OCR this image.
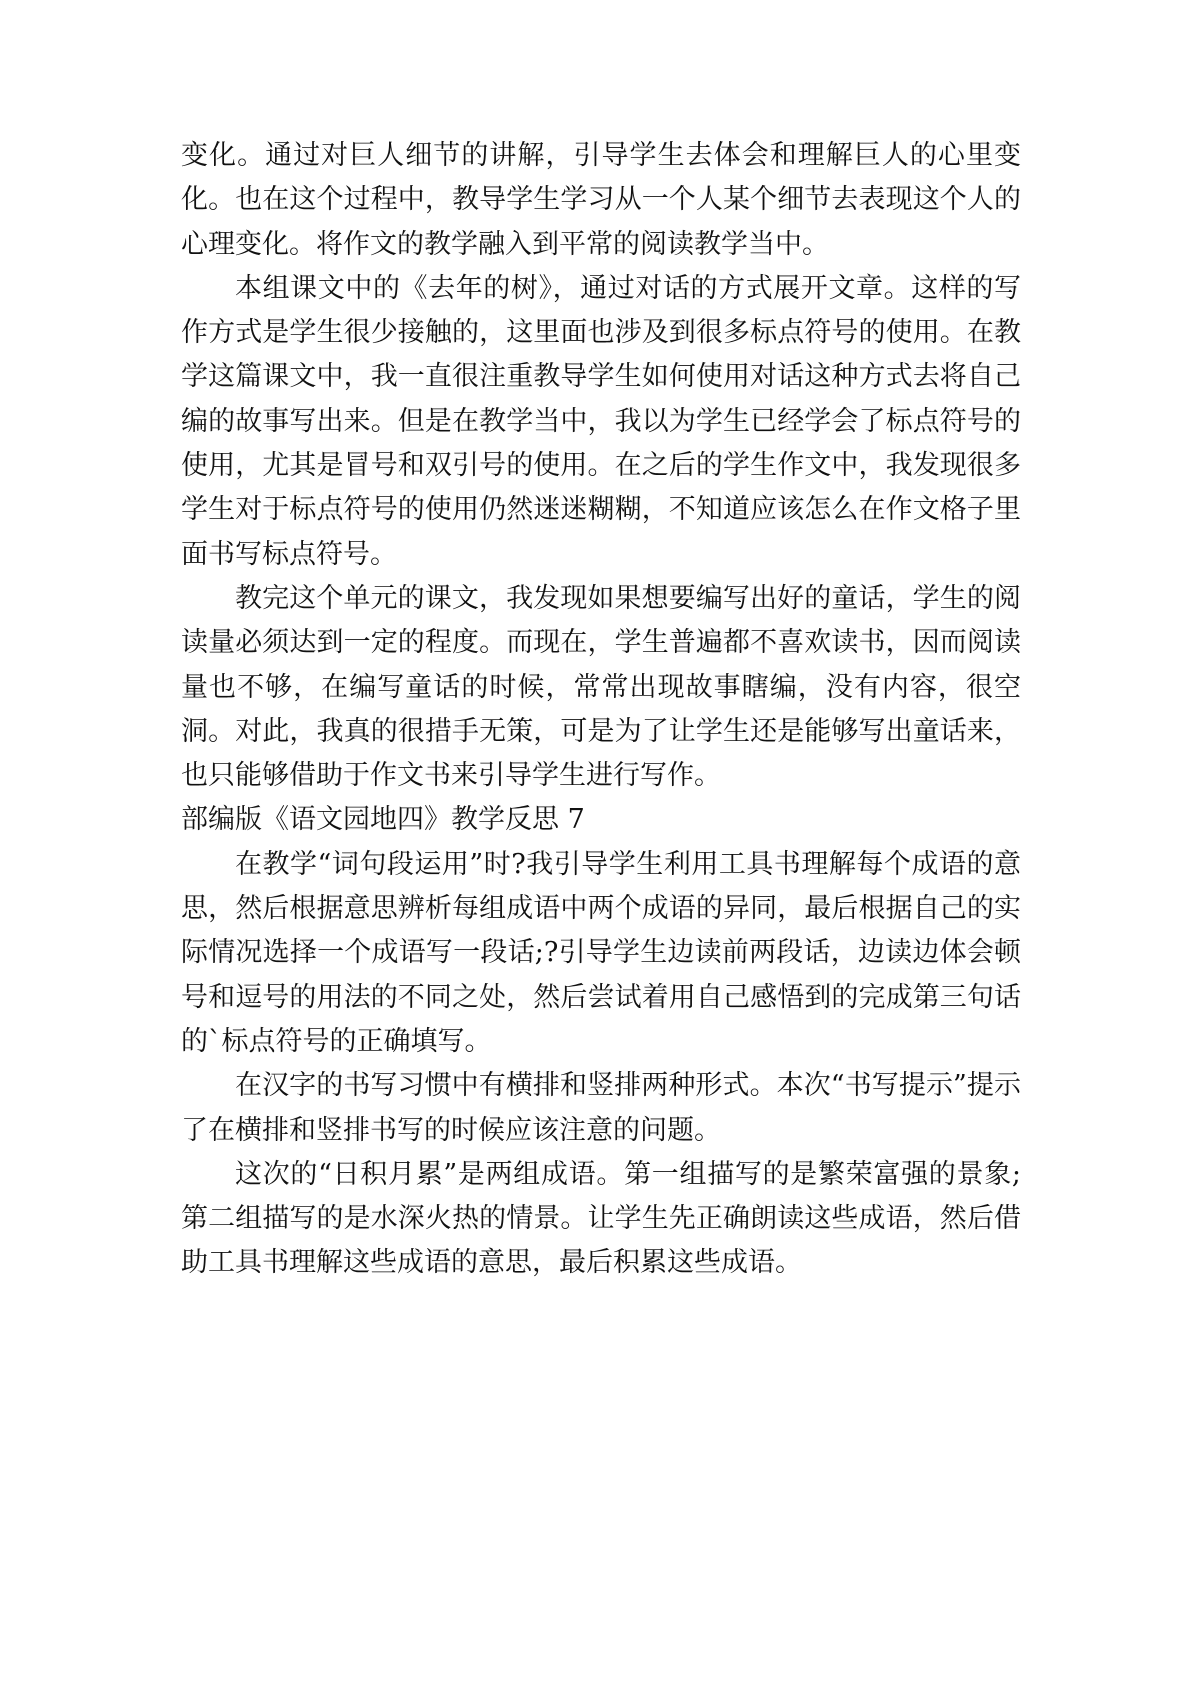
变化。通过对巨人细节的讲解，引导学生去体会和理解巨人的心里变化。也在这个过程中，教导学生学习从一个人某个细节去表现这个人的心理变化。将作文的教学融入到平常的阅读教学当中。

本组课文中的《去年的树》，通过对话的方式展开文章。这样的写作方式是学生很少接触的，这里面也涉及到很多标点符号的使用。在教学这篇课文中，我一直很注重教导学生如何使用对话这种方式去将自己编的故事写出来。但是在教学当中，我以为学生已经学会了标点符号的使用，尤其是冒号和双引号的使用。在之后的学生作文中，我发现很多学生对于标点符号的使用仍然迷迷糊糊，不知道应该怎么在作文格子里面书写标点符号。

教完这个单元的课文，我发现如果想要编写出好的童话，学生的阅读量必须达到一定的程度。而现在，学生普遍都不喜欢读书，因而阅读量也不够，在编写童话的时候，常常出现故事瞎编，没有内容，很空洞。对此，我真的很措手无策，可是为了让学生还是能够写出童话来，也只能够借助于作文书来引导学生进行写作。

部编版《语文园地四》教学反思 7

在教学“词句段运用”时?我引导学生利用工具书理解每个成语的意思，然后根据意思辨析每组成语中两个成语的异同，最后根据自己的实际情况选择一个成语写一段话;?引导学生边读前两段话，边读边体会顿号和逗号的用法的不同之处，然后尝试着用自己感悟到的完成第三句话的`标点符号的正确填写。

在汉字的书写习惯中有横排和竖排两种形式。本次“书写提示”提示了在横排和竖排书写的时候应该注意的问题。

这次的“日积月累”是两组成语。第一组描写的是繁荣富强的景象;第二组描写的是水深火热的情景。让学生先正确朗读这些成语，然后借助工具书理解这些成语的意思，最后积累这些成语。
